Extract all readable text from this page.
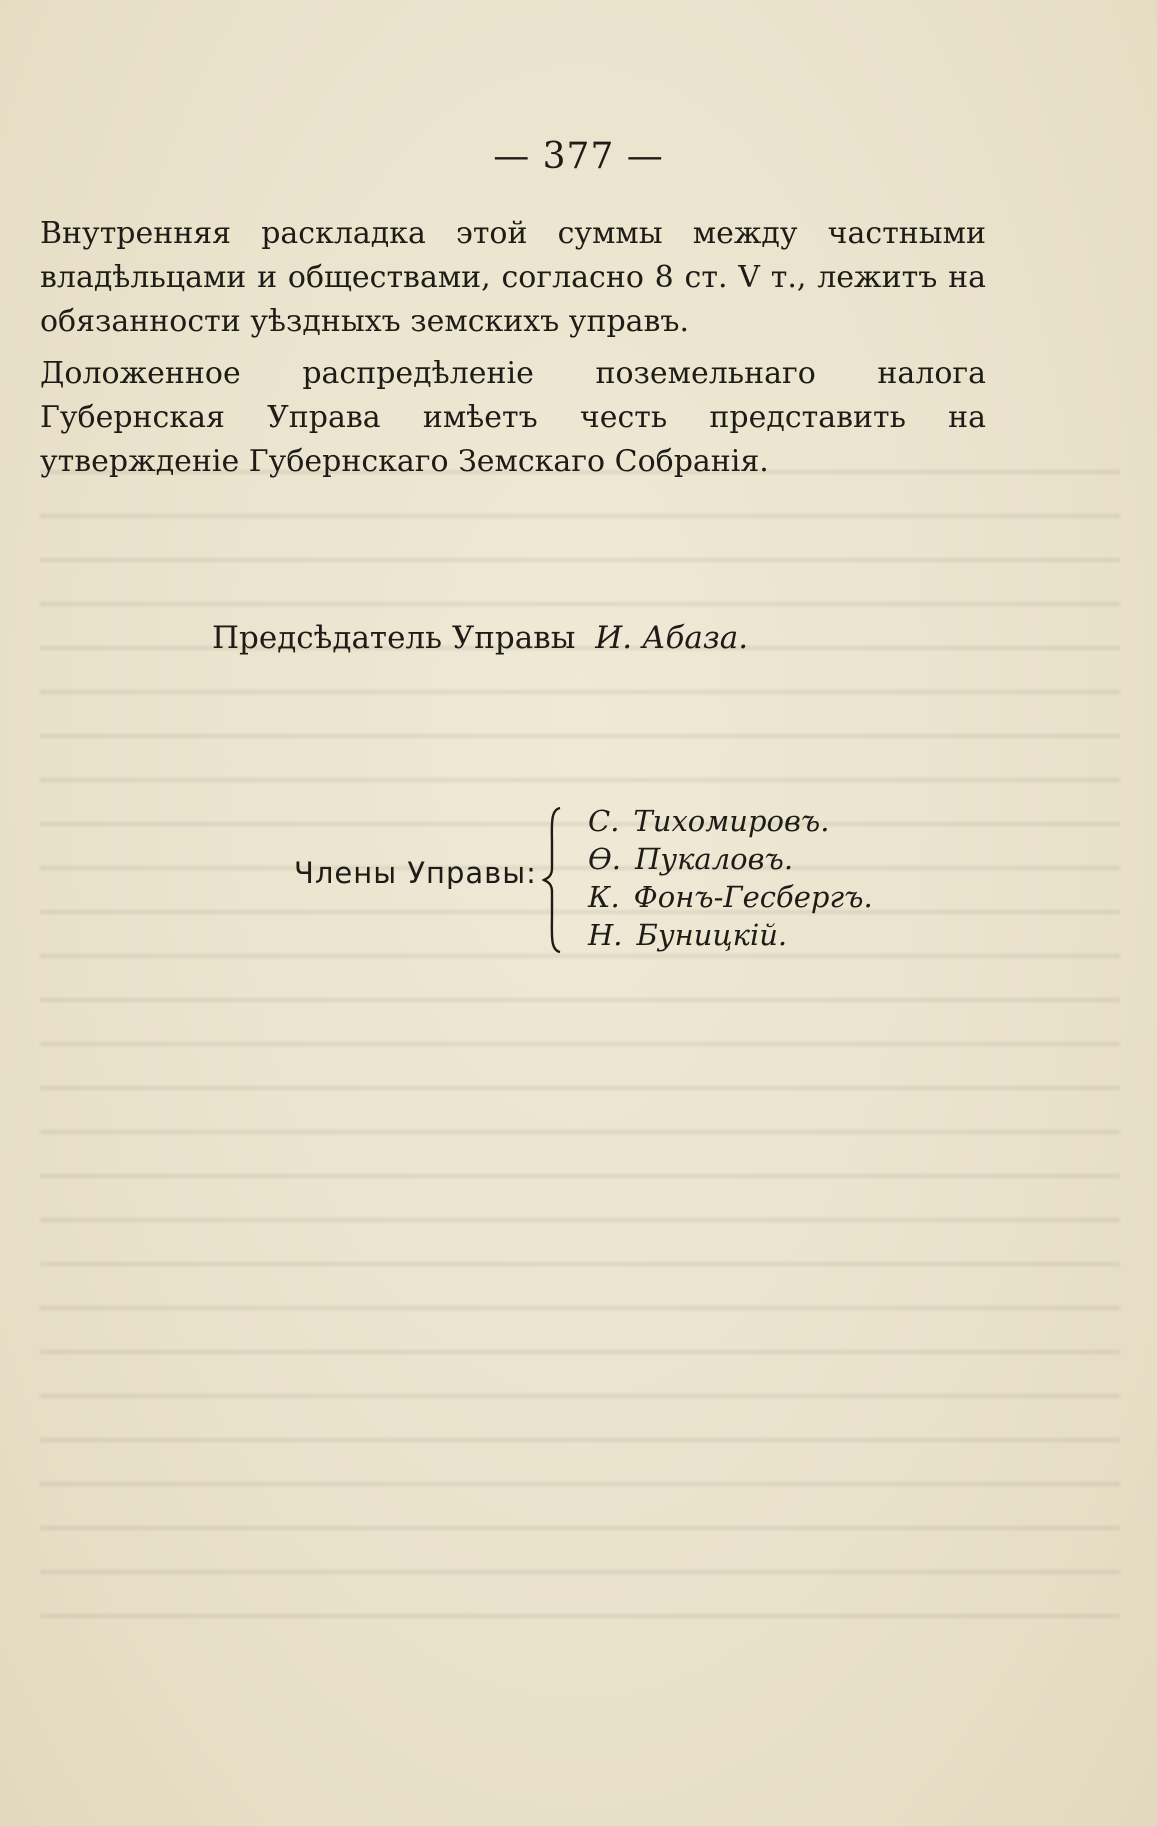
— 377 —
Внутренняя раскладка этой суммы между частными владѣльцами и обществами, согласно 8 ст. V т., лежитъ на обязанности уѣздныхъ земскихъ управъ.
Доложенное распредѣленіе поземельнаго налога Губернская Управа имѣетъ честь представить на утвержденіе Губернскаго Земскаго Собранія.
Предсѣдатель Управы И. Абаза.
Члены Управы:
С. Тихомировъ.
Ѳ. Пукаловъ.
К. Фонъ-Гесбергъ.
Н. Буницкій.
